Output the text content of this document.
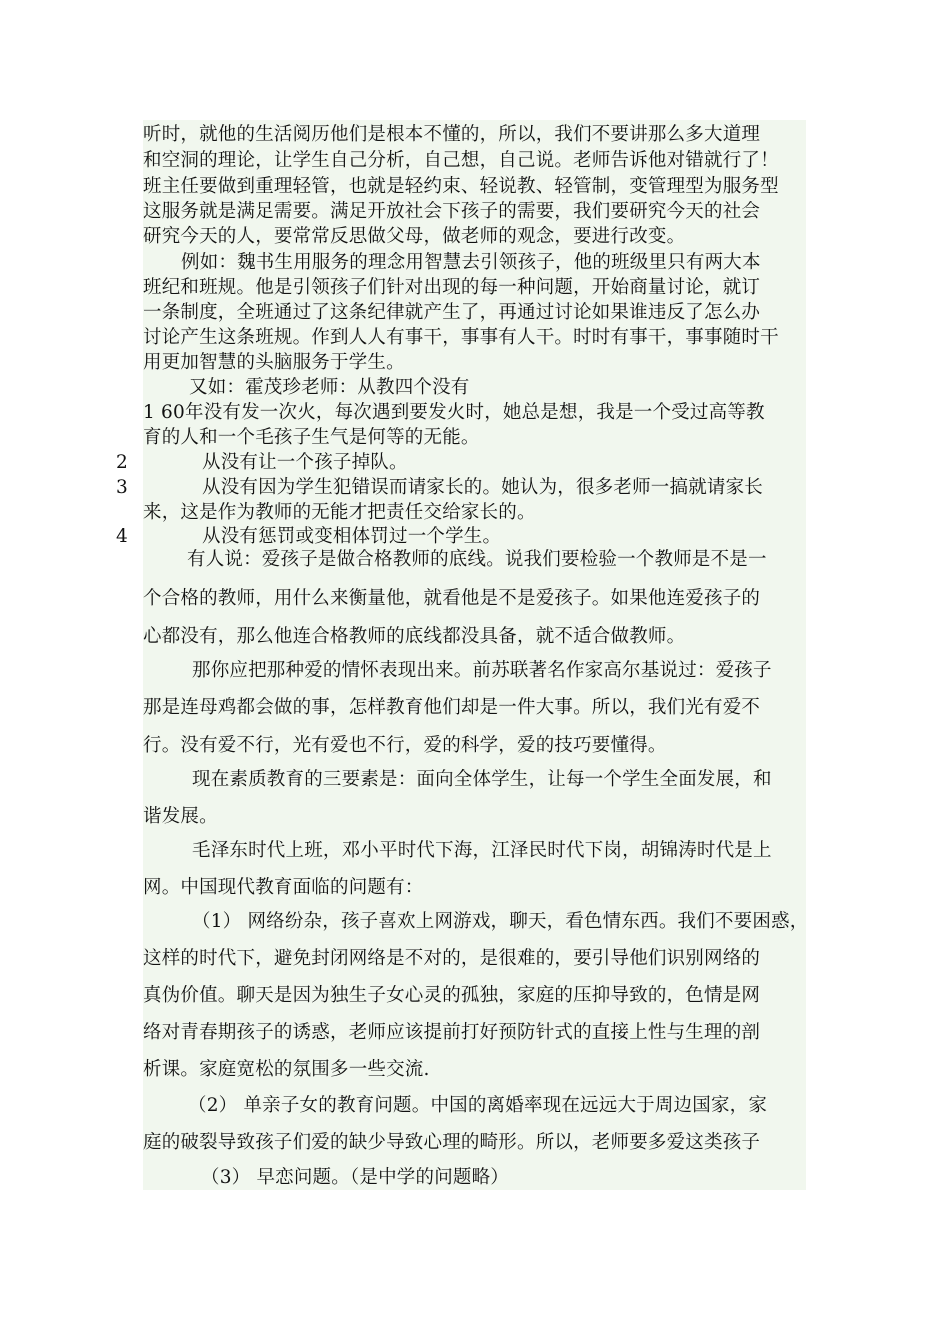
听时，就他的生活阅历他们是根本不懂的，所以，我们不要讲那么多大道理
和空洞的理论，让学生自己分析，自己想，自己说。老师告诉他对错就行了！
班主任要做到重理轻管，也就是轻约束、轻说教、轻管制，变管理型为服务型
这服务就是满足需要。满足开放社会下孩子的需要，我们要研究今天的社会
研究今天的人，要常常反思做父母，做老师的观念，要进行改变。
例如：魏书生用服务的理念用智慧去引领孩子，他的班级里只有两大本
班纪和班规。他是引领孩子们针对出现的每一种问题，开始商量讨论，就订
一条制度，全班通过了这条纪律就产生了，再通过讨论如果谁违反了怎么办
讨论产生这条班规。作到人人有事干，事事有人干。时时有事干，事事随时干
用更加智慧的头脑服务于学生。
又如：霍茂珍老师：从教四个没有
1 60年没有发一次火，每次遇到要发火时，她总是想，我是一个受过高等教
育的人和一个毛孩子生气是何等的无能。
2	从没有让一个孩子掉队。
3	从没有因为学生犯错误而请家长的。她认为，很多老师一搞就请家长
来，这是作为教师的无能才把责任交给家长的。
4	从没有惩罚或变相体罚过一个学生。
有人说：爱孩子是做合格教师的底线。说我们要检验一个教师是不是一
个合格的教师，用什么来衡量他，就看他是不是爱孩子。如果他连爱孩子的
心都没有，那么他连合格教师的底线都没具备，就不适合做教师。
那你应把那种爱的情怀表现出来。前苏联著名作家高尔基说过：爱孩子
那是连母鸡都会做的事，怎样教育他们却是一件大事。所以，我们光有爱不
行。没有爱不行，光有爱也不行，爱的科学，爱的技巧要懂得。
现在素质教育的三要素是：面向全体学生，让每一个学生全面发展，和
谐发展。
毛泽东时代上班，邓小平时代下海，江泽民时代下岗，胡锦涛时代是上
网。中国现代教育面临的问题有：
（1） 网络纷杂，孩子喜欢上网游戏，聊天，看色情东西。我们不要困惑，
这样的时代下，避免封闭网络是不对的，是很难的，要引导他们识别网络的
真伪价值。聊天是因为独生子女心灵的孤独，家庭的压抑导致的，色情是网
络对青春期孩子的诱惑，老师应该提前打好预防针式的直接上性与生理的剖
析课。家庭宽松的氛围多一些交流.
（2） 单亲子女的教育问题。中国的离婚率现在远远大于周边国家，家
庭的破裂导致孩子们爱的缺少导致心理的畸形。所以，老师要多爱这类孩子
（3） 早恋问题。（是中学的问题略）
